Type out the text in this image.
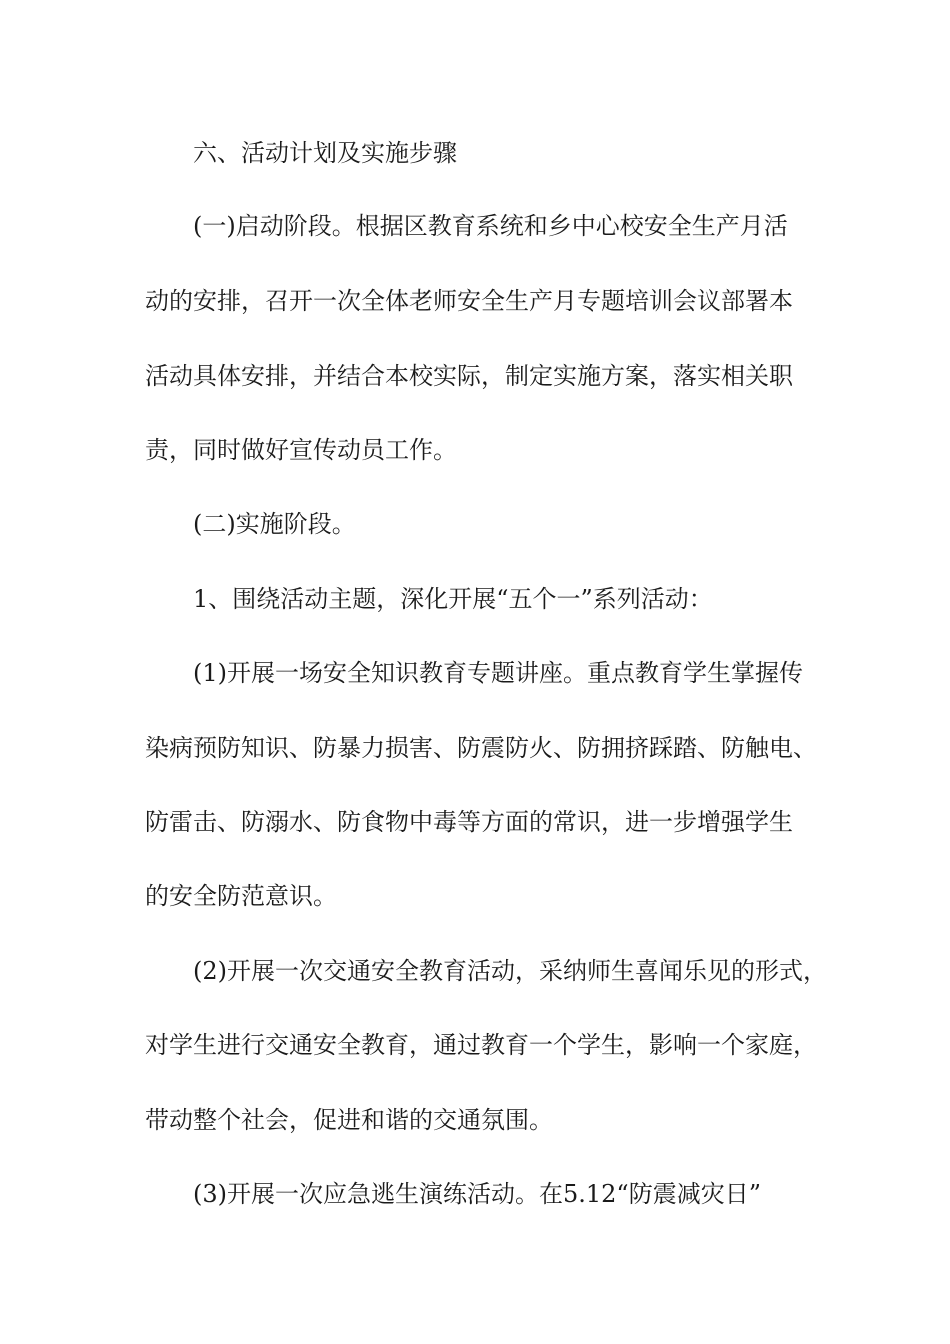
六、活动计划及实施步骤
(一)启动阶段。根据区教育系统和乡中心校安全生产月活
动的安排，召开一次全体老师安全生产月专题培训会议部署本
活动具体安排，并结合本校实际，制定实施方案，落实相关职
责，同时做好宣传动员工作。
(二)实施阶段。
1、围绕活动主题，深化开展“五个一”系列活动：
(1)开展一场安全知识教育专题讲座。重点教育学生掌握传
染病预防知识、防暴力损害、防震防火、防拥挤踩踏、防触电、
防雷击、防溺水、防食物中毒等方面的常识，进一步增强学生
的安全防范意识。
(2)开展一次交通安全教育活动，采纳师生喜闻乐见的形式，
对学生进行交通安全教育，通过教育一个学生，影响一个家庭，
带动整个社会，促进和谐的交通氛围。
(3)开展一次应急逃生演练活动。在5.12“防震减灾日”
